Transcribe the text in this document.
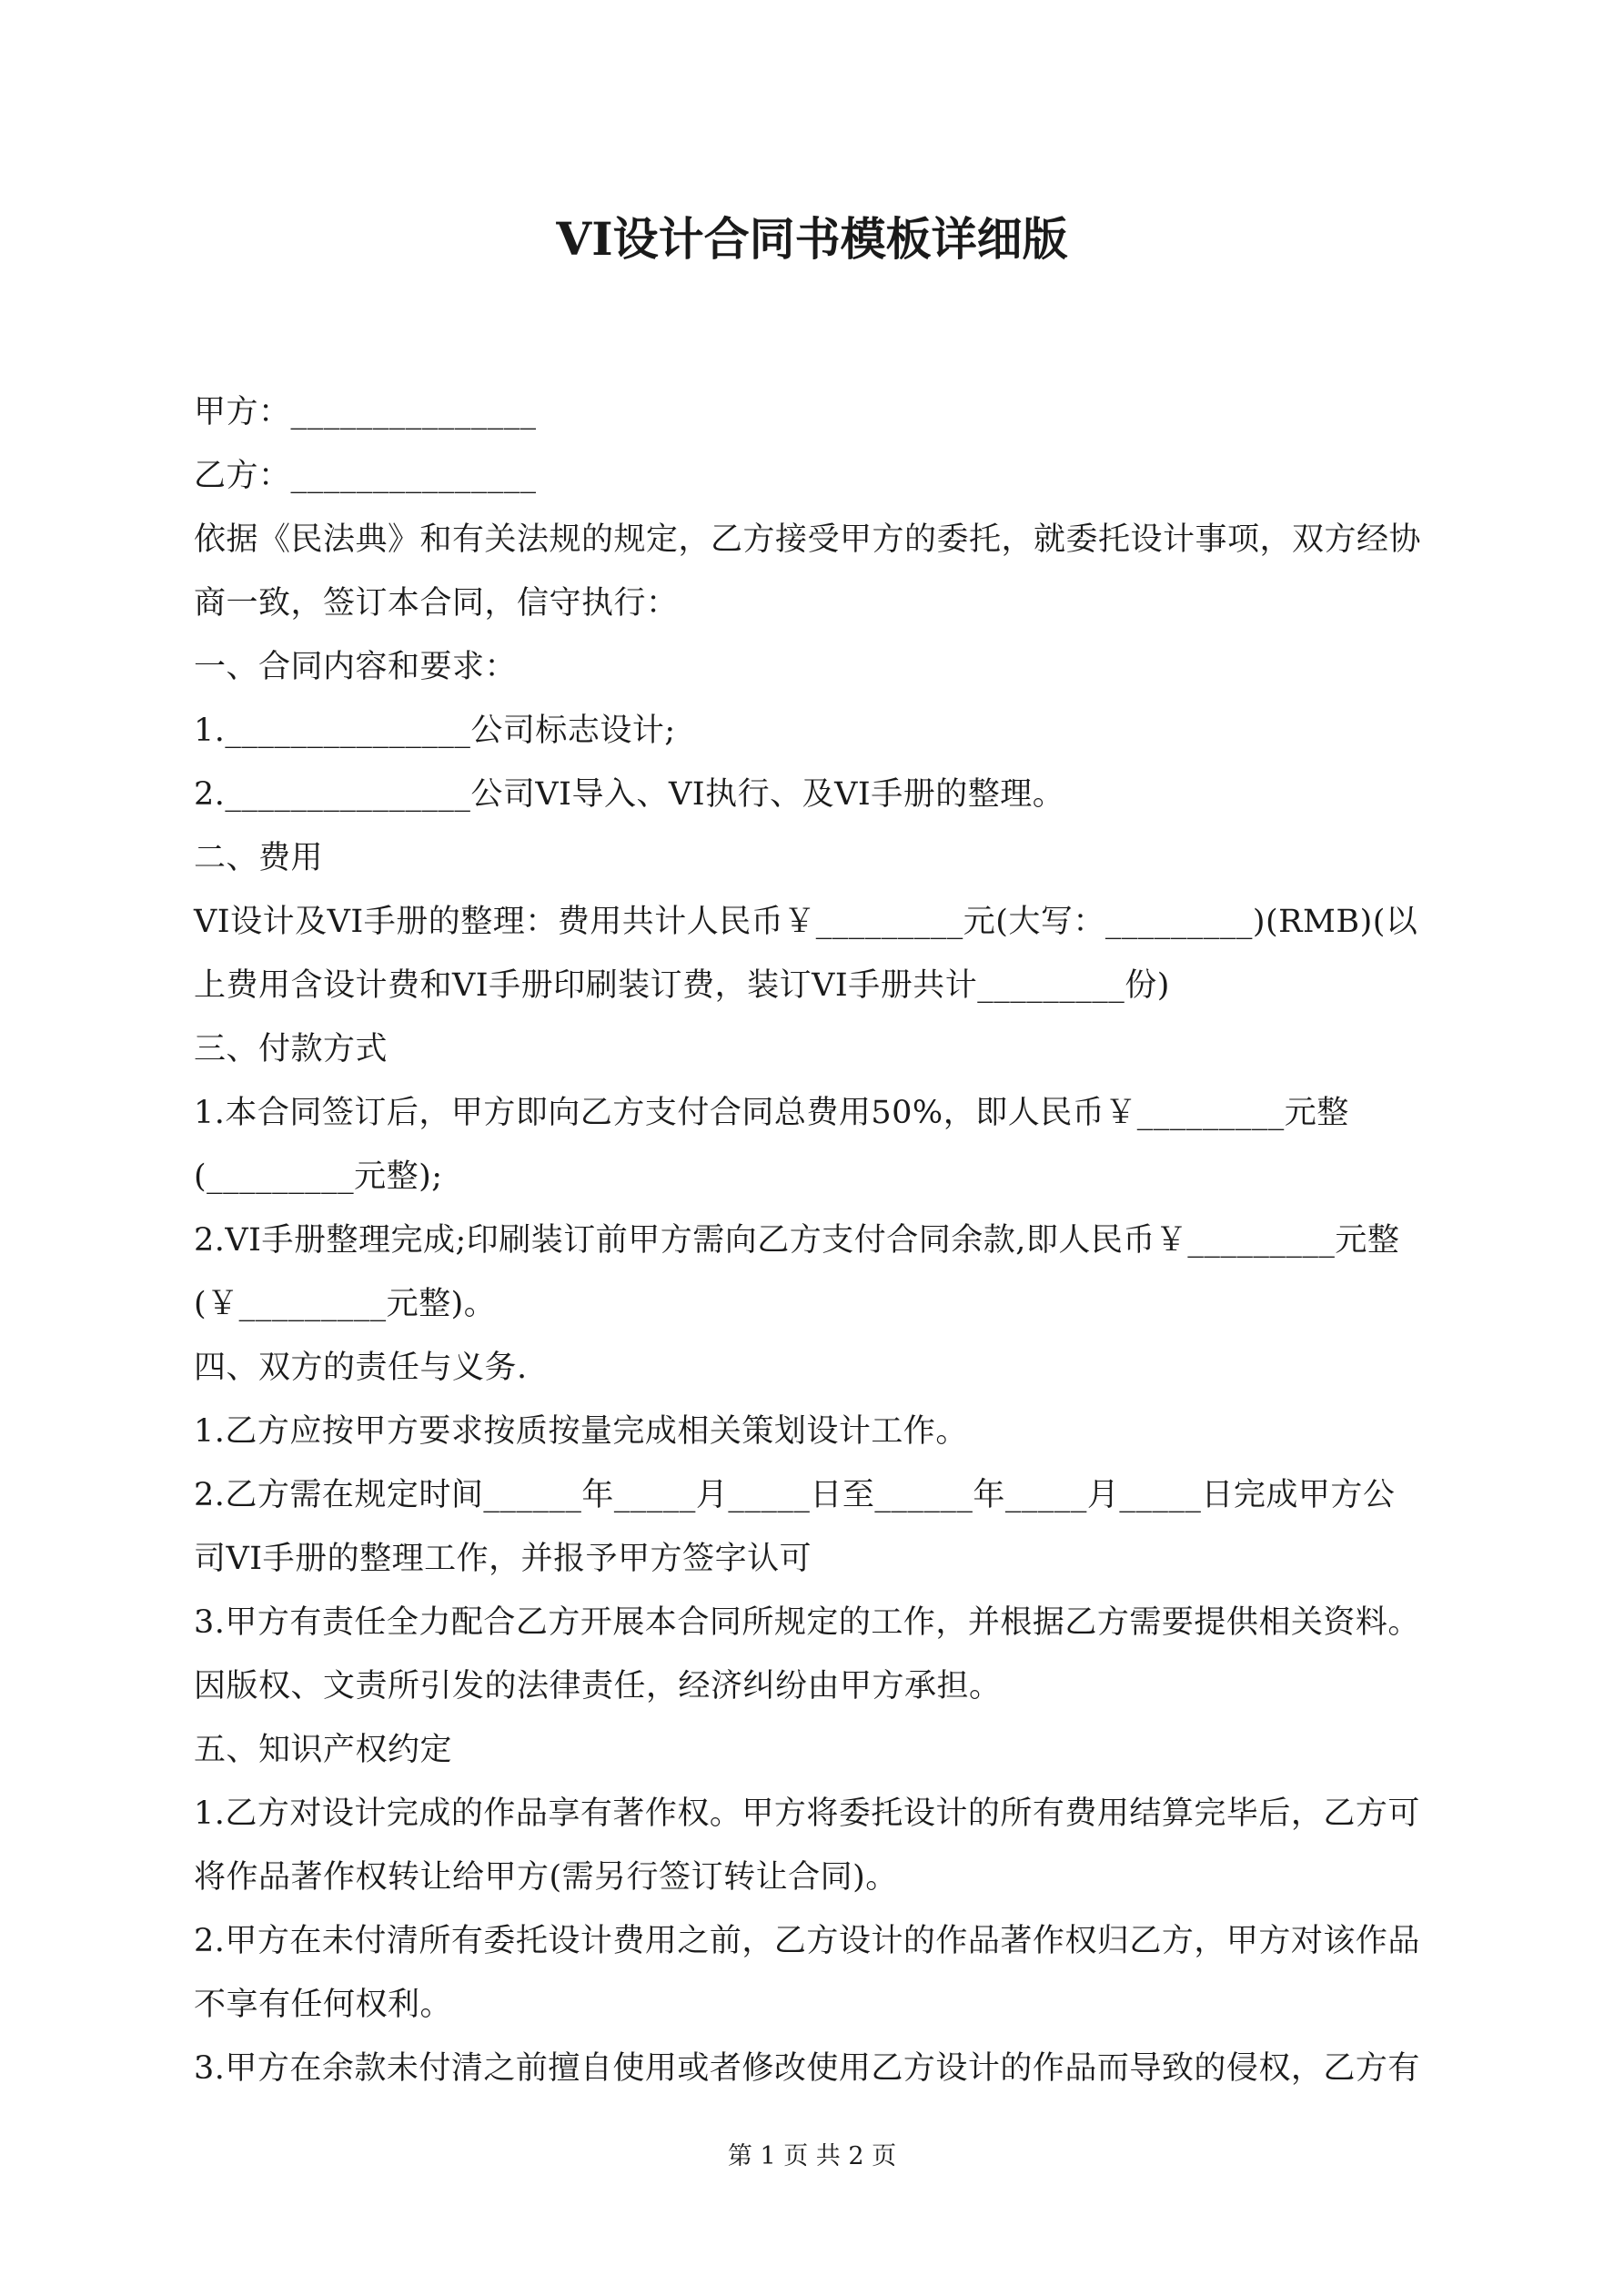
VI设计合同书模板详细版
甲方：_______________
乙方：_______________
依据《民法典》和有关法规的规定，乙方接受甲方的委托，就委托设计事项，双方经协
商一致，签订本合同，信守执行：
一、合同内容和要求：
1._______________公司标志设计;
2._______________公司VI导入、VI执行、及VI手册的整理。
二、费用
VI设计及VI手册的整理：费用共计人民币￥_________元(大写：_________)(RMB)(以
上费用含设计费和VI手册印刷装订费，装订VI手册共计_________份)
三、付款方式
1.本合同签订后，甲方即向乙方支付合同总费用50%，即人民币￥_________元整
(_________元整);
2.VI手册整理完成;印刷装订前甲方需向乙方支付合同余款,即人民币￥_________元整
(￥_________元整)。
四、双方的责任与义务.
1.乙方应按甲方要求按质按量完成相关策划设计工作。
2.乙方需在规定时间______年_____月_____日至______年_____月_____日完成甲方公
司VI手册的整理工作，并报予甲方签字认可
3.甲方有责任全力配合乙方开展本合同所规定的工作，并根据乙方需要提供相关资料。
因版权、文责所引发的法律责任，经济纠纷由甲方承担。
五、知识产权约定
1.乙方对设计完成的作品享有著作权。甲方将委托设计的所有费用结算完毕后，乙方可
将作品著作权转让给甲方(需另行签订转让合同)。
2.甲方在未付清所有委托设计费用之前，乙方设计的作品著作权归乙方，甲方对该作品
不享有任何权利。
3.甲方在余款未付清之前擅自使用或者修改使用乙方设计的作品而导致的侵权，乙方有
第 1 页 共 2 页
